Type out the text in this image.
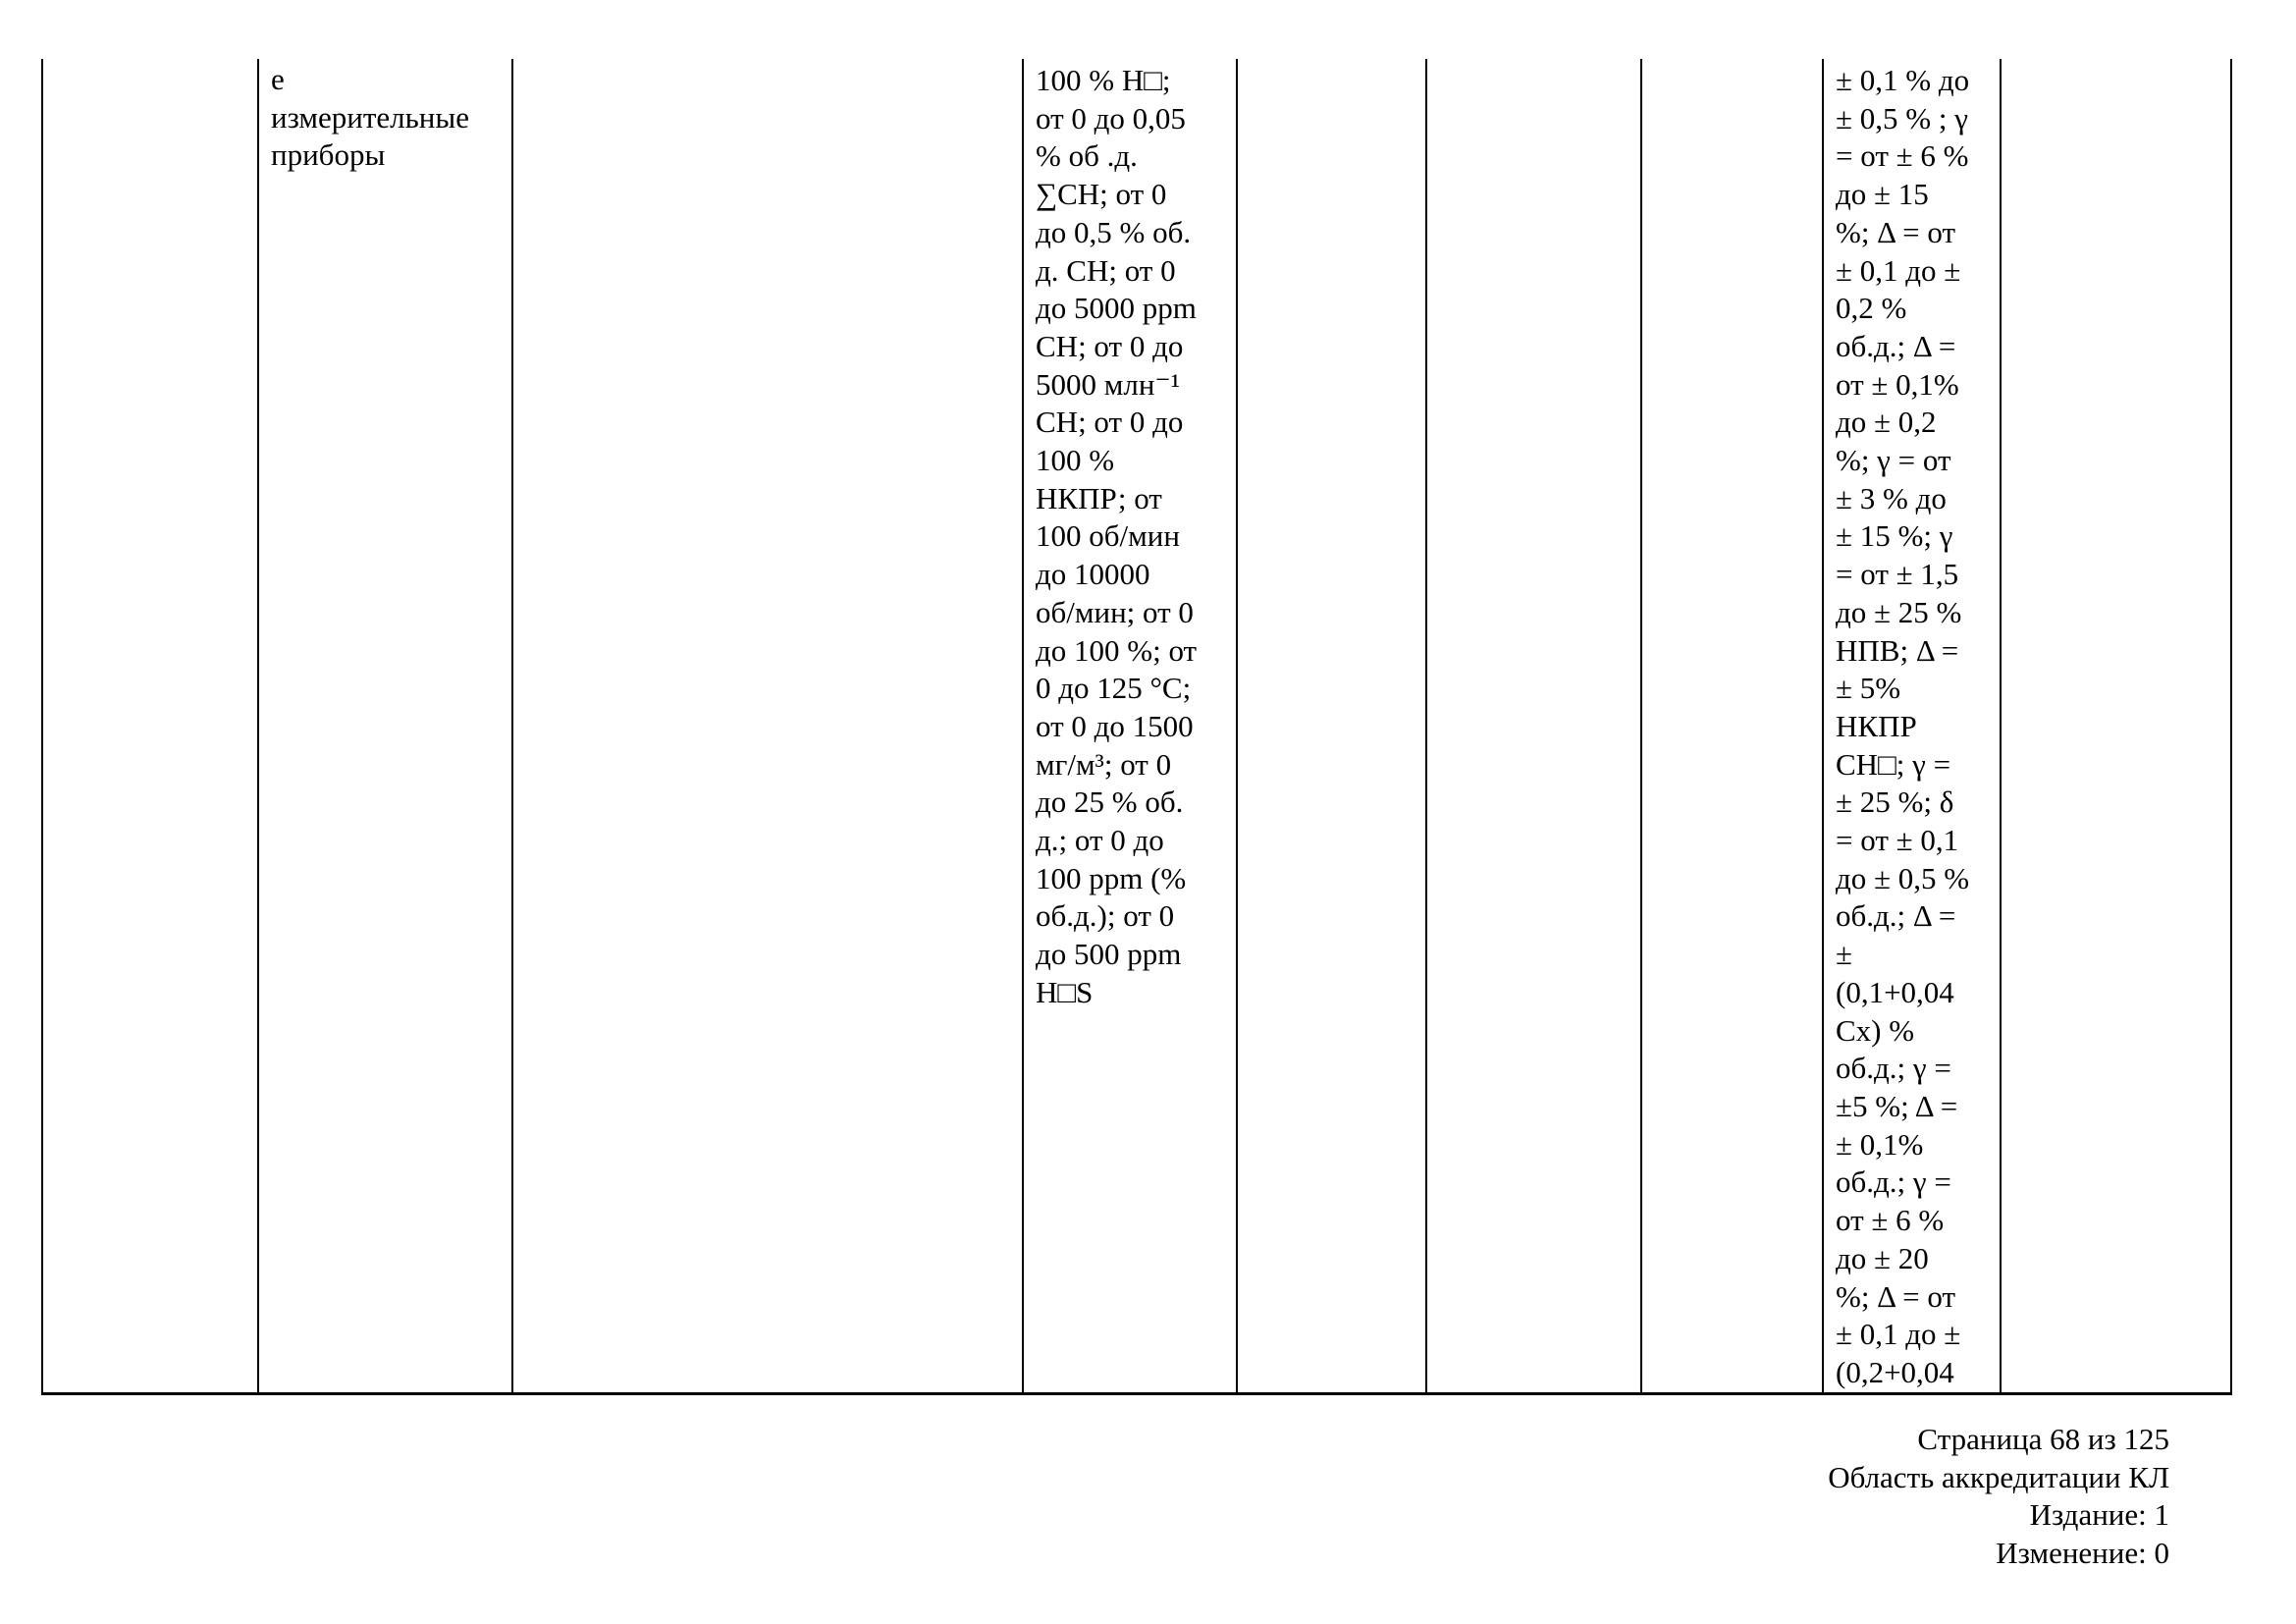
	е
измерительные
приборы		100 % H□;
от 0 до 0,05
% об .д.
∑CH; от 0
до 0,5 % об.
д. CH; от 0
до 5000 ppm
CH; от 0 до
5000 млн⁻¹
CH; от 0 до
100 %
НКПР; от
100 об/мин
до 10000
об/мин; от 0
до 100 %; от
0 до 125 °C;
от 0 до 1500
мг/м³; от 0
до 25 % об.
д.; от 0 до
100 ppm (%
об.д.); от 0
до 500 ppm
H□S				± 0,1 % до
± 0,5 % ; γ
= от ± 6 %
до ± 15
%; Δ = от
± 0,1 до ±
0,2 %
об.д.; Δ =
от ± 0,1%
до ± 0,2
%; γ = от
± 3 % до
± 15 %; γ
= от ± 1,5
до ± 25 %
НПВ; Δ =
± 5%
НКПР
CH□; γ =
± 25 %; δ
= от ± 0,1
до ± 0,5 %
об.д.; Δ =
±
(0,1+0,04
Cx) %
об.д.; γ =
±5 %; Δ =
± 0,1%
об.д.; γ =
от ± 6 %
до ± 20
%; Δ = от
± 0,1 до ±
(0,2+0,04	
Страница 68 из 125
Область аккредитации КЛ
Издание: 1
Изменение: 0
